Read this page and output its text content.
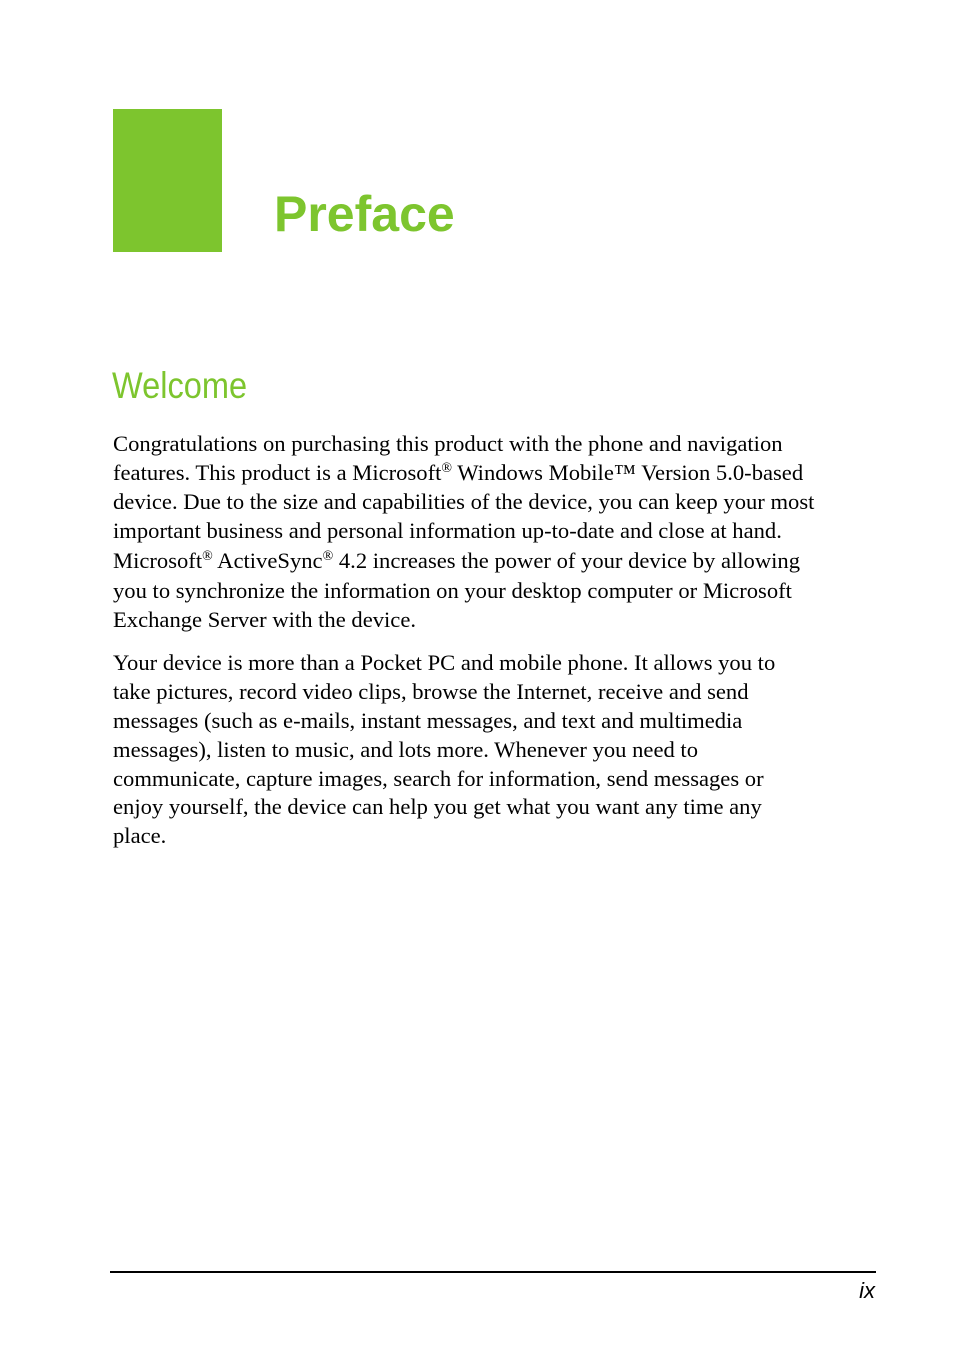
Preface
Welcome

Congratulations on purchasing this product with the phone and navigation
features. This product is a Microsoft® Windows Mobile™ Version 5.0-based
device. Due to the size and capabilities of the device, you can keep your most
important business and personal information up-to-date and close at hand.
Microsoft® ActiveSync® 4.2 increases the power of your device by allowing
you to synchronize the information on your desktop computer or Microsoft
Exchange Server with the device.

Your device is more than a Pocket PC and mobile phone. It allows you to
take pictures, record video clips, browse the Internet, receive and send
messages (such as e-mails, instant messages, and text and multimedia
messages), listen to music, and lots more. Whenever you need to
communicate, capture images, search for information, send messages or
enjoy yourself, the device can help you get what you want any time any
place.

ix
